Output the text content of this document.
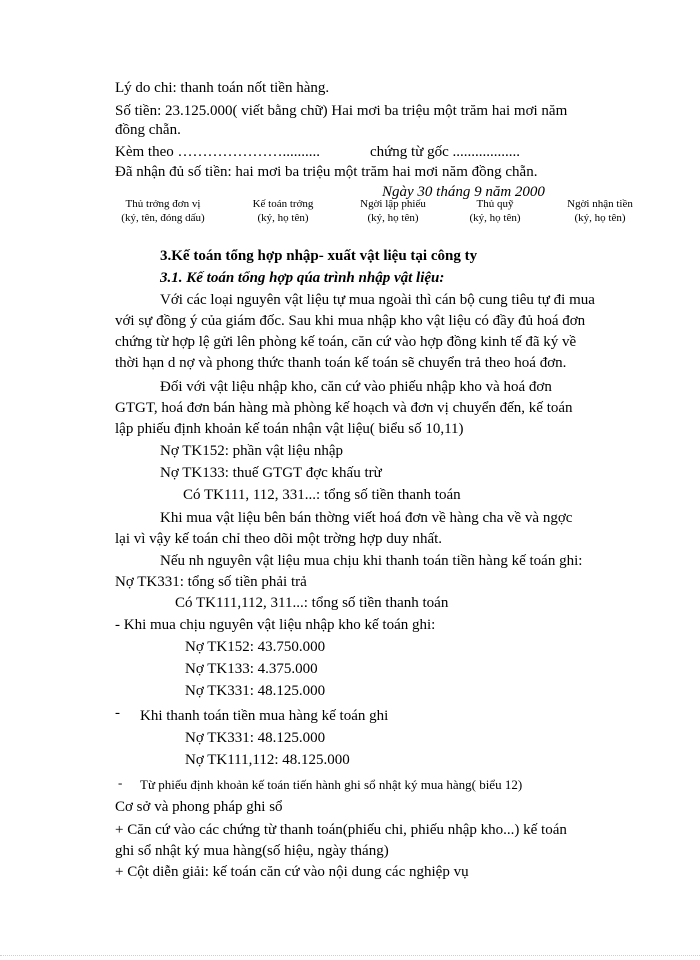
Lý do chi: thanh toán nốt tiền hàng.
Số tiền: 23.125.000( viết bằng chữ) Hai mơi ba triệu một trăm hai mơi năm
đồng chẵn.
Kèm theo …………………..........	chứng từ gốc ..................
Đã nhận đủ số tiền: hai mơi ba triệu một trăm hai mơi năm đồng chẵn.
Ngày 30 tháng 9 năm 2000
Thủ trởng đơn vị
(ký, tên, đóng dấu)
Kế toán trởng
(ký, họ tên)
Ngời lập phiếu
(ký, họ tên)
Thủ quỹ
(ký, họ tên)
Ngời nhận tiền
(ký, họ tên)
3.Kế toán tổng hợp nhập- xuất vật liệu tại công ty
3.1. Kế toán tổng hợp qúa trình nhập vật liệu:
Với các loại nguyên vật liệu tự mua ngoài thì cán bộ cung tiêu tự đi mua
với sự đồng ý của giám đốc. Sau khi mua nhập kho vật liệu có đầy đủ hoá đơn
chứng từ hợp lệ gửi lên phòng kế toán, căn cứ vào hợp đồng kinh tế đã ký về
thời hạn d nợ và phong thức thanh toán kế toán sẽ chuyển trả theo hoá đơn.
Đối với vật liệu nhập kho, căn cứ vào phiếu nhập kho và hoá đơn
GTGT, hoá đơn bán hàng mà phòng kế hoạch và đơn vị chuyển đến, kế toán
lập phiếu định khoản kế toán nhận vật liệu( biểu số 10,11)
Nợ TK152: phần vật liệu nhập
Nợ TK133: thuế GTGT đợc khấu trừ
Có TK111, 112, 331...: tổng số tiền thanh toán
Khi mua vật liệu bên bán thờng viết hoá đơn về hàng cha về và ngợc
lại vì vậy kế toán chỉ theo dõi một trờng hợp duy nhất.
Nếu nh nguyên vật liệu mua chịu khi thanh toán tiền hàng kế toán ghi:
Nợ TK331: tổng số tiền phải trả
Có TK111,112, 311...: tổng số tiền thanh toán
- Khi mua chịu nguyên vật liệu nhập kho kế toán ghi:
Nợ TK152: 43.750.000
Nợ TK133: 4.375.000
Nợ TK331: 48.125.000
- Khi thanh toán tiền mua hàng kế toán ghi
Nợ TK331: 48.125.000
Nợ TK111,112: 48.125.000
- Từ phiếu định khoản kế toán tiến hành ghi sổ nhật ký mua hàng( biểu 12)
Cơ sở và phong pháp ghi sổ
+ Căn cứ vào các chứng từ thanh toán(phiếu chi, phiếu nhập kho...) kế toán
ghi sổ nhật ký mua hàng(số hiệu, ngày tháng)
+ Cột diễn giải: kế toán căn cứ vào nội dung các nghiệp vụ
